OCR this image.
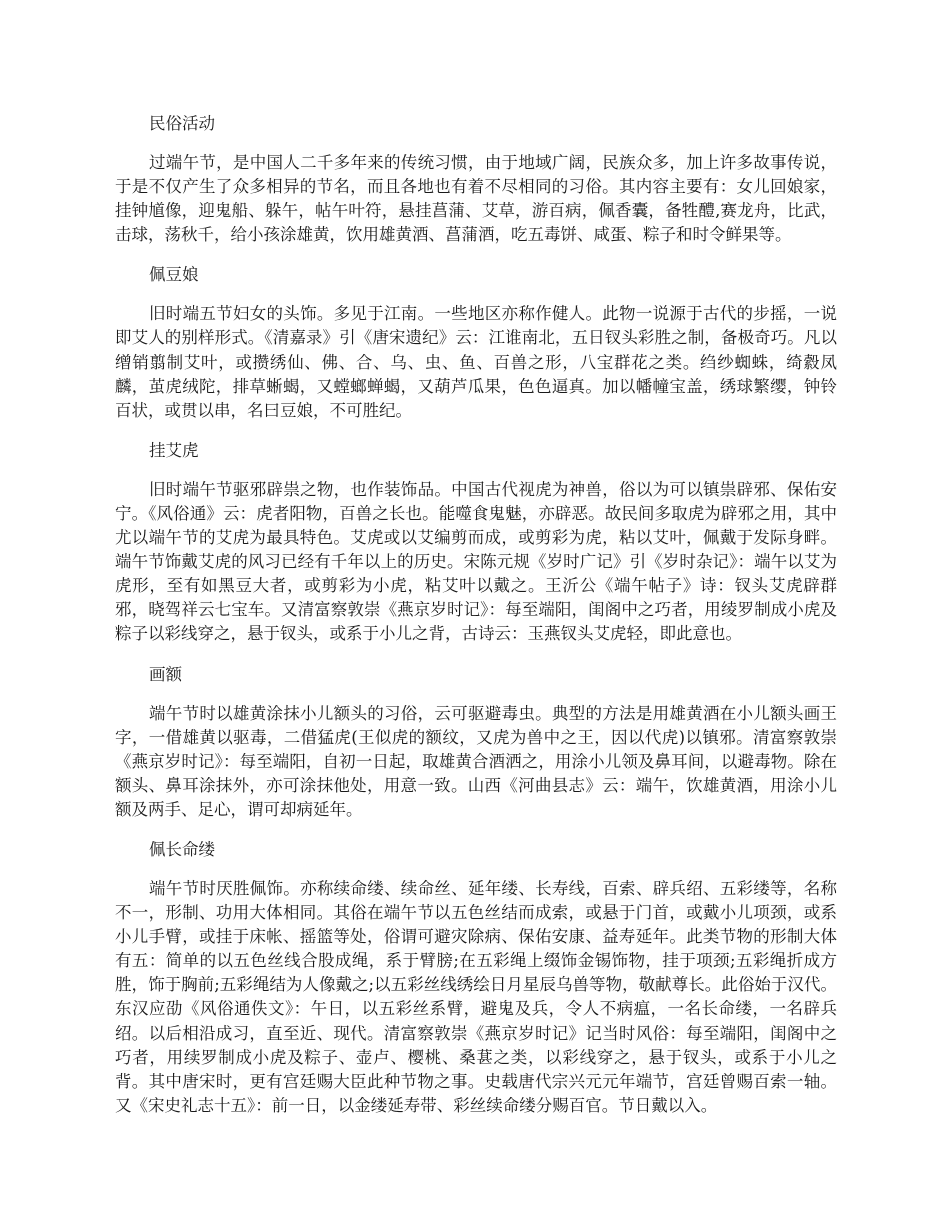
民俗活动

过端午节，是中国人二千多年来的传统习惯，由于地域广阔，民族众多，加上许多故事传说，于是不仅产生了众多相异的节名，而且各地也有着不尽相同的习俗。其内容主要有：女儿回娘家，挂钟馗像，迎鬼船、躲午，帖午叶符，悬挂菖蒲、艾草，游百病，佩香囊，备牲醴,赛龙舟，比武，击球，荡秋千，给小孩涂雄黄，饮用雄黄酒、菖蒲酒，吃五毒饼、咸蛋、粽子和时令鲜果等。

佩豆娘

旧时端五节妇女的头饰。多见于江南。一些地区亦称作健人。此物一说源于古代的步摇，一说即艾人的别样形式。《清嘉录》引《唐宋遗纪》云：江谁南北，五日钗头彩胜之制，备极奇巧。凡以缯销翦制艾叶，或攒绣仙、佛、合、乌、虫、鱼、百兽之形，八宝群花之类。绉纱蜘蛛，绮縠凤麟，茧虎绒陀，排草蜥蝎，又螳螂蝉蝎，又葫芦瓜果，色色逼真。加以幡幢宝盖，绣球繁缨，钟铃百状，或贯以串，名曰豆娘，不可胜纪。

挂艾虎

旧时端午节驱邪辟祟之物，也作装饰品。中国古代视虎为神兽，俗以为可以镇祟辟邪、保佑安宁。《风俗通》云：虎者阳物，百兽之长也。能噬食鬼魅，亦辟恶。故民间多取虎为辟邪之用，其中尤以端午节的艾虎为最具特色。艾虎或以艾编剪而成，或剪彩为虎，粘以艾叶，佩戴于发际身畔。端午节饰戴艾虎的风习已经有千年以上的历史。宋陈元规《岁时广记》引《岁时杂记》：端午以艾为虎形，至有如黑豆大者，或剪彩为小虎，粘艾叶以戴之。王沂公《端午帖子》诗：钗头艾虎辟群邪，晓驾祥云七宝车。又清富察敦崇《燕京岁时记》：每至端阳，闺阁中之巧者，用绫罗制成小虎及粽子以彩线穿之，悬于钗头，或系于小儿之背，古诗云：玉燕钗头艾虎轻，即此意也。

画额

端午节时以雄黄涂抹小儿额头的习俗，云可驱避毒虫。典型的方法是用雄黄酒在小儿额头画王字，一借雄黄以驱毒，二借猛虎(王似虎的额纹，又虎为兽中之王，因以代虎)以镇邪。清富察敦崇《燕京岁时记》：每至端阳，自初一日起，取雄黄合酒洒之，用涂小儿领及鼻耳间，以避毒物。除在额头、鼻耳涂抹外，亦可涂抹他处，用意一致。山西《河曲县志》云：端午，饮雄黄酒，用涂小儿额及两手、足心，谓可却病延年。

佩长命缕

端午节时厌胜佩饰。亦称续命缕、续命丝、延年缕、长寿线，百索、辟兵绍、五彩缕等，名称不一，形制、功用大体相同。其俗在端午节以五色丝结而成索，或悬于门首，或戴小儿项颈，或系小儿手臂，或挂于床帐、摇篮等处，俗谓可避灾除病、保佑安康、益寿延年。此类节物的形制大体有五：简单的以五色丝线合股成绳，系于臂膀;在五彩绳上缀饰金锡饰物，挂于项颈;五彩绳折成方胜，饰于胸前;五彩绳结为人像戴之;以五彩丝线绣绘日月星辰乌兽等物，敬献尊长。此俗始于汉代。东汉应劭《风俗通佚文》：午日，以五彩丝系臂，避鬼及兵，令人不病瘟，一名长命缕，一名辟兵绍。以后相沿成习，直至近、现代。清富察敦崇《燕京岁时记》记当时风俗：每至端阳，闺阁中之巧者，用续罗制成小虎及粽子、壶卢、樱桃、桑葚之类，以彩线穿之，悬于钗头，或系于小儿之背。其中唐宋时，更有宫廷赐大臣此种节物之事。史载唐代宗兴元元年端节，宫廷曾赐百索一轴。又《宋史礼志十五》：前一日，以金缕延寿带、彩丝续命缕分赐百官。节日戴以入。
